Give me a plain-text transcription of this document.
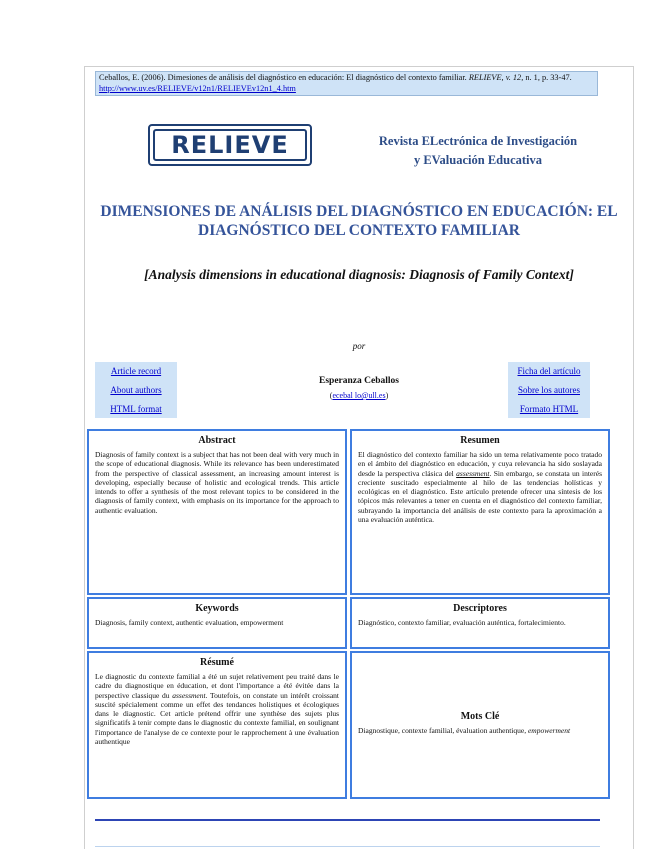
Ceballos, E. (2006). Dimesiones de análisis del diagnóstico en educación: El diagnóstico del contexto familiar. RELIEVE, v. 12, n. 1, p. 33-47. http://www.uv.es/RELIEVE/v12n1/RELIEVEv12n1_4.htm
RELIEVE	Revista ELectrónica de Investigación
y EValuación Educativa
DIMENSIONES DE ANÁLISIS DEL DIAGNÓSTICO EN EDUCACIÓN: EL DIAGNÓSTICO DEL CONTEXTO FAMILIAR
[Analysis dimensions in educational diagnosis: Diagnosis of Family Context]
por
Article record
About authors
HTML format
Esperanza Ceballos
(ecebal lo@ull.es)
Ficha del artículo
Sobre los autores
Formato HTML
Abstract

Diagnosis of family context is a subject that has not been deal with very much in the scope of educational diagnosis. While its relevance has been underestimated from the perspective of classical assessment, an increasing amount interest is developing, especially because of holistic and ecological trends. This article intends to offer a synthesis of the most relevant topics to be considered in the diagnosis of family context, with emphasis on its importance for the approach to authentic evaluation.

Resumen

El diagnóstico del contexto familiar ha sido un tema relativamente poco tratado en el ámbito del diagnóstico en educación, y cuya relevancia ha sido soslayada desde la perspectiva clásica del assessment. Sin embargo, se constata un interés creciente suscitado especialmente al hilo de las tendencias holísticas y ecológicas en el diagnóstico. Este artículo pretende ofrecer una síntesis de los tópicos más relevantes a tener en cuenta en el diagnóstico del contexto familiar, subrayando la importancia del análisis de este contexto para la aproximación a una evaluación auténtica.

Keywords

Diagnosis, family context, authentic evaluation, empowerment

Descriptores

Diagnóstico, contexto familiar, evaluación auténtica, fortalecimiento.

Résumé

Le diagnostic du contexte familial a été un sujet relativement peu traité dans le cadre du diagnostique en éducation, et dont l'importance a été évitée dans la perspective classique du assessment. Toutefois, on constate un intérêt croissant suscité spécialement comme un effet des tendances holistiques et écologiques dans le diagnostic. Cet article prétend offrir une synthèse des sujets plus significatifs à tenir compte dans le diagnostic du contexte familial, en soulignant l'importance de l'analyse de ce contexte pour le rapprochement à une évaluation authentique

Mots Clé

Diagnostique, contexte familial, évaluation authentique, empowerment
